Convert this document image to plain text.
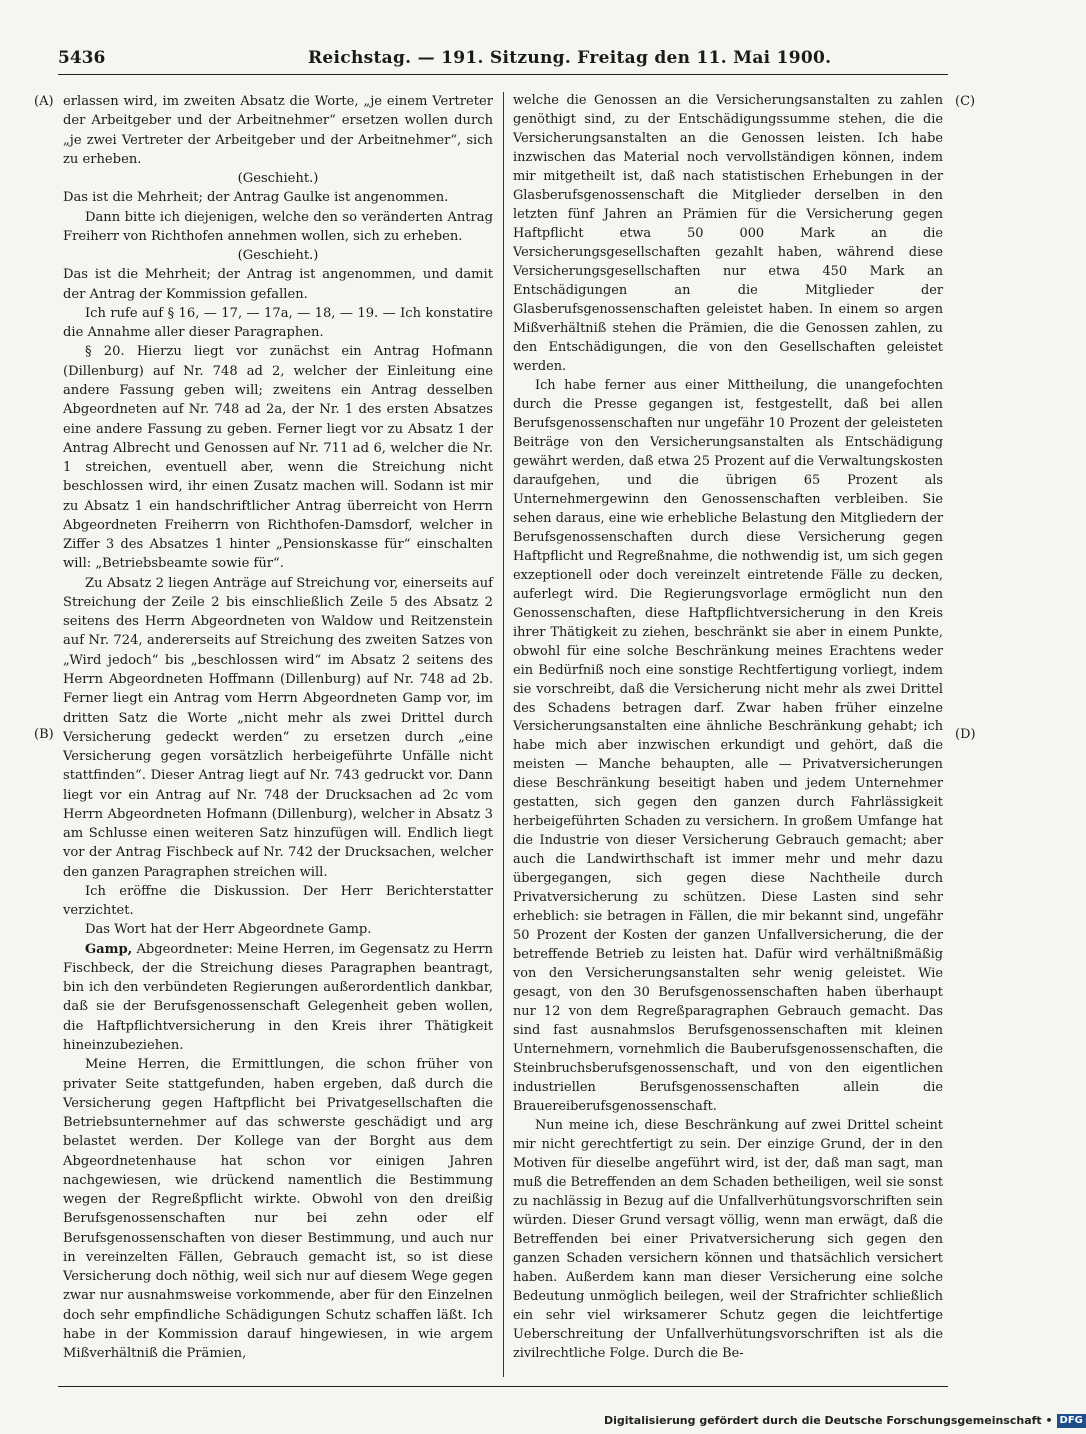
5436	Reichstag. — 191. Sitzung. Freitag den 11. Mai 1900.
(A)	(C)
(B)	(D)

erlassen wird, im zweiten Absatz die Worte, „je einem Vertreter der Arbeitgeber und der Arbeitnehmer“ ersetzen wollen durch „je zwei Vertreter der Arbeitgeber und der Arbeitnehmer“, sich zu erheben.

(Geschieht.)

Das ist die Mehrheit; der Antrag Gaulke ist angenommen.

Dann bitte ich diejenigen, welche den so veränderten Antrag Freiherr von Richthofen annehmen wollen, sich zu erheben.

(Geschieht.)

Das ist die Mehrheit; der Antrag ist angenommen, und damit der Antrag der Kommission gefallen.

Ich rufe auf § 16, — 17, — 17a, — 18, — 19. — Ich konstatire die Annahme aller dieser Paragraphen.

§ 20. Hierzu liegt vor zunächst ein Antrag Hofmann (Dillenburg) auf Nr. 748 ad 2, welcher der Einleitung eine andere Fassung geben will; zweitens ein Antrag desselben Abgeordneten auf Nr. 748 ad 2a, der Nr. 1 des ersten Absatzes eine andere Fassung zu geben. Ferner liegt vor zu Absatz 1 der Antrag Albrecht und Genossen auf Nr. 711 ad 6, welcher die Nr. 1 streichen, eventuell aber, wenn die Streichung nicht beschlossen wird, ihr einen Zusatz machen will. Sodann ist mir zu Absatz 1 ein handschriftlicher Antrag überreicht von Herrn Abgeordneten Freiherrn von Richthofen-Damsdorf, welcher in Ziffer 3 des Absatzes 1 hinter „Pensionskasse für“ einschalten will: „Betriebsbeamte sowie für“.

Zu Absatz 2 liegen Anträge auf Streichung vor, einerseits auf Streichung der Zeile 2 bis einschließlich Zeile 5 des Absatz 2 seitens des Herrn Abgeordneten von Waldow und Reitzenstein auf Nr. 724, andererseits auf Streichung des zweiten Satzes von „Wird jedoch“ bis „beschlossen wird“ im Absatz 2 seitens des Herrn Abgeordneten Hoffmann (Dillenburg) auf Nr. 748 ad 2b. Ferner liegt ein Antrag vom Herrn Abgeordneten Gamp vor, im dritten Satz die Worte „nicht mehr als zwei Drittel durch Versicherung gedeckt werden“ zu ersetzen durch „eine Versicherung gegen vorsätzlich herbeigeführte Unfälle nicht stattfinden“. Dieser Antrag liegt auf Nr. 743 gedruckt vor. Dann liegt vor ein Antrag auf Nr. 748 der Drucksachen ad 2c vom Herrn Abgeordneten Hofmann (Dillenburg), welcher in Absatz 3 am Schlusse einen weiteren Satz hinzufügen will. Endlich liegt vor der Antrag Fischbeck auf Nr. 742 der Drucksachen, welcher den ganzen Paragraphen streichen will.

Ich eröffne die Diskussion. Der Herr Berichterstatter verzichtet.

Das Wort hat der Herr Abgeordnete Gamp.

Gamp, Abgeordneter: Meine Herren, im Gegensatz zu Herrn Fischbeck, der die Streichung dieses Paragraphen beantragt, bin ich den verbündeten Regierungen außerordentlich dankbar, daß sie der Berufsgenossenschaft Gelegenheit geben wollen, die Haftpflichtversicherung in den Kreis ihrer Thätigkeit hineinzubeziehen.

Meine Herren, die Ermittlungen, die schon früher von privater Seite stattgefunden, haben ergeben, daß durch die Versicherung gegen Haftpflicht bei Privatgesellschaften die Betriebsunternehmer auf das schwerste geschädigt und arg belastet werden. Der Kollege van der Borght aus dem Abgeordnetenhause hat schon vor einigen Jahren nachgewiesen, wie drückend namentlich die Bestimmung wegen der Regreßpflicht wirkte. Obwohl von den dreißig Berufsgenossenschaften nur bei zehn oder elf Berufsgenossenschaften von dieser Bestimmung, und auch nur in vereinzelten Fällen, Gebrauch gemacht ist, so ist diese Versicherung doch nöthig, weil sich nur auf diesem Wege gegen zwar nur ausnahmsweise vorkommende, aber für den Einzelnen doch sehr empfindliche Schädigungen Schutz schaffen läßt. Ich habe in der Kommission darauf hingewiesen, in wie argem Mißverhältniß die Prämien,

welche die Genossen an die Versicherungsanstalten zu zahlen genöthigt sind, zu der Entschädigungssumme stehen, die die Versicherungsanstalten an die Genossen leisten. Ich habe inzwischen das Material noch vervollständigen können, indem mir mitgetheilt ist, daß nach statistischen Erhebungen in der Glasberufsgenossenschaft die Mitglieder derselben in den letzten fünf Jahren an Prämien für die Versicherung gegen Haftpflicht etwa 50 000 Mark an die Versicherungsgesellschaften gezahlt haben, während diese Versicherungsgesellschaften nur etwa 450 Mark an Entschädigungen an die Mitglieder der Glasberufsgenossenschaften geleistet haben. In einem so argen Mißverhältniß stehen die Prämien, die die Genossen zahlen, zu den Entschädigungen, die von den Gesellschaften geleistet werden.

Ich habe ferner aus einer Mittheilung, die unangefochten durch die Presse gegangen ist, festgestellt, daß bei allen Berufsgenossenschaften nur ungefähr 10 Prozent der geleisteten Beiträge von den Versicherungsanstalten als Entschädigung gewährt werden, daß etwa 25 Prozent auf die Verwaltungskosten daraufgehen, und die übrigen 65 Prozent als Unternehmergewinn den Genossenschaften verbleiben. Sie sehen daraus, eine wie erhebliche Belastung den Mitgliedern der Berufsgenossenschaften durch diese Versicherung gegen Haftpflicht und Regreßnahme, die nothwendig ist, um sich gegen exzeptionell oder doch vereinzelt eintretende Fälle zu decken, auferlegt wird. Die Regierungsvorlage ermöglicht nun den Genossenschaften, diese Haftpflichtversicherung in den Kreis ihrer Thätigkeit zu ziehen, beschränkt sie aber in einem Punkte, obwohl für eine solche Beschränkung meines Erachtens weder ein Bedürfniß noch eine sonstige Rechtfertigung vorliegt, indem sie vorschreibt, daß die Versicherung nicht mehr als zwei Drittel des Schadens betragen darf. Zwar haben früher einzelne Versicherungsanstalten eine ähnliche Beschränkung gehabt; ich habe mich aber inzwischen erkundigt und gehört, daß die meisten — Manche behaupten, alle — Privatversicherungen diese Beschränkung beseitigt haben und jedem Unternehmer gestatten, sich gegen den ganzen durch Fahrlässigkeit herbeigeführten Schaden zu versichern. In großem Umfange hat die Industrie von dieser Versicherung Gebrauch gemacht; aber auch die Landwirthschaft ist immer mehr und mehr dazu übergegangen, sich gegen diese Nachtheile durch Privatversicherung zu schützen. Diese Lasten sind sehr erheblich: sie betragen in Fällen, die mir bekannt sind, ungefähr 50 Prozent der Kosten der ganzen Unfallversicherung, die der betreffende Betrieb zu leisten hat. Dafür wird verhältnißmäßig von den Versicherungsanstalten sehr wenig geleistet. Wie gesagt, von den 30 Berufsgenossenschaften haben überhaupt nur 12 von dem Regreßparagraphen Gebrauch gemacht. Das sind fast ausnahmslos Berufsgenossenschaften mit kleinen Unternehmern, vornehmlich die Bauberufsgenossenschaften, die Steinbruchsberufsgenossenschaft, und von den eigentlichen industriellen Berufsgenossenschaften allein die Brauereiberufsgenossenschaft.

Nun meine ich, diese Beschränkung auf zwei Drittel scheint mir nicht gerechtfertigt zu sein. Der einzige Grund, der in den Motiven für dieselbe angeführt wird, ist der, daß man sagt, man muß die Betreffenden an dem Schaden betheiligen, weil sie sonst zu nachlässig in Bezug auf die Unfallverhütungsvorschriften sein würden. Dieser Grund versagt völlig, wenn man erwägt, daß die Betreffenden bei einer Privatversicherung sich gegen den ganzen Schaden versichern können und thatsächlich versichert haben. Außerdem kann man dieser Versicherung eine solche Bedeutung unmöglich beilegen, weil der Strafrichter schließlich ein sehr viel wirksamerer Schutz gegen die leichtfertige Ueberschreitung der Unfallverhütungsvorschriften ist als die zivilrechtliche Folge. Durch die Be-

Digitalisierung gefördert durch die Deutsche Forschungsgemeinschaft • DFG
